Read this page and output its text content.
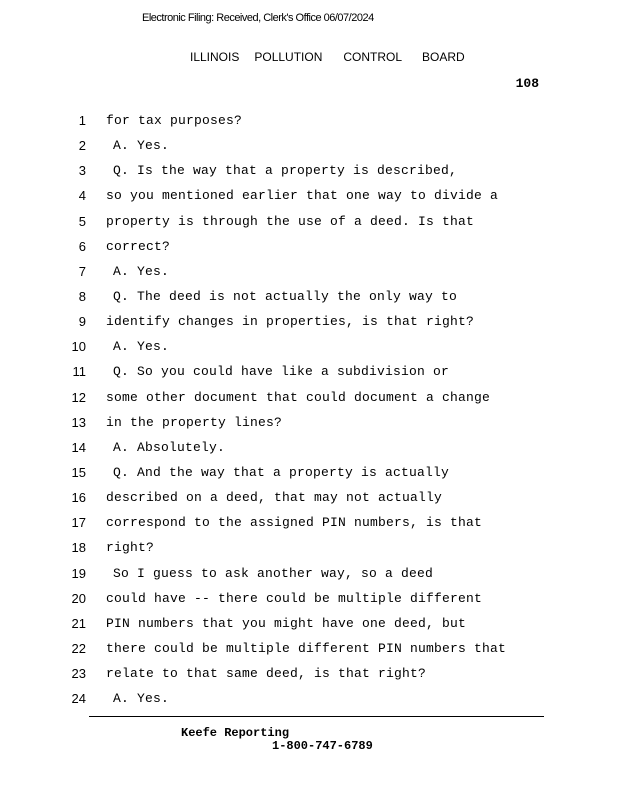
Electronic Filing: Received, Clerk's Office 06/07/2024
ILLINOIS POLLUTION CONTROL BOARD
108
1 for tax purposes?
2 A. Yes.
3 Q. Is the way that a property is described,
4 so you mentioned earlier that one way to divide a
5 property is through the use of a deed. Is that
6 correct?
7 A. Yes.
8 Q. The deed is not actually the only way to
9 identify changes in properties, is that right?
10 A. Yes.
11 Q. So you could have like a subdivision or
12 some other document that could document a change
13 in the property lines?
14 A. Absolutely.
15 Q. And the way that a property is actually
16 described on a deed, that may not actually
17 correspond to the assigned PIN numbers, is that
18 right?
19 So I guess to ask another way, so a deed
20 could have -- there could be multiple different
21 PIN numbers that you might have one deed, but
22 there could be multiple different PIN numbers that
23 relate to that same deed, is that right?
24 A. Yes.
Keefe Reporting
1-800-747-6789
